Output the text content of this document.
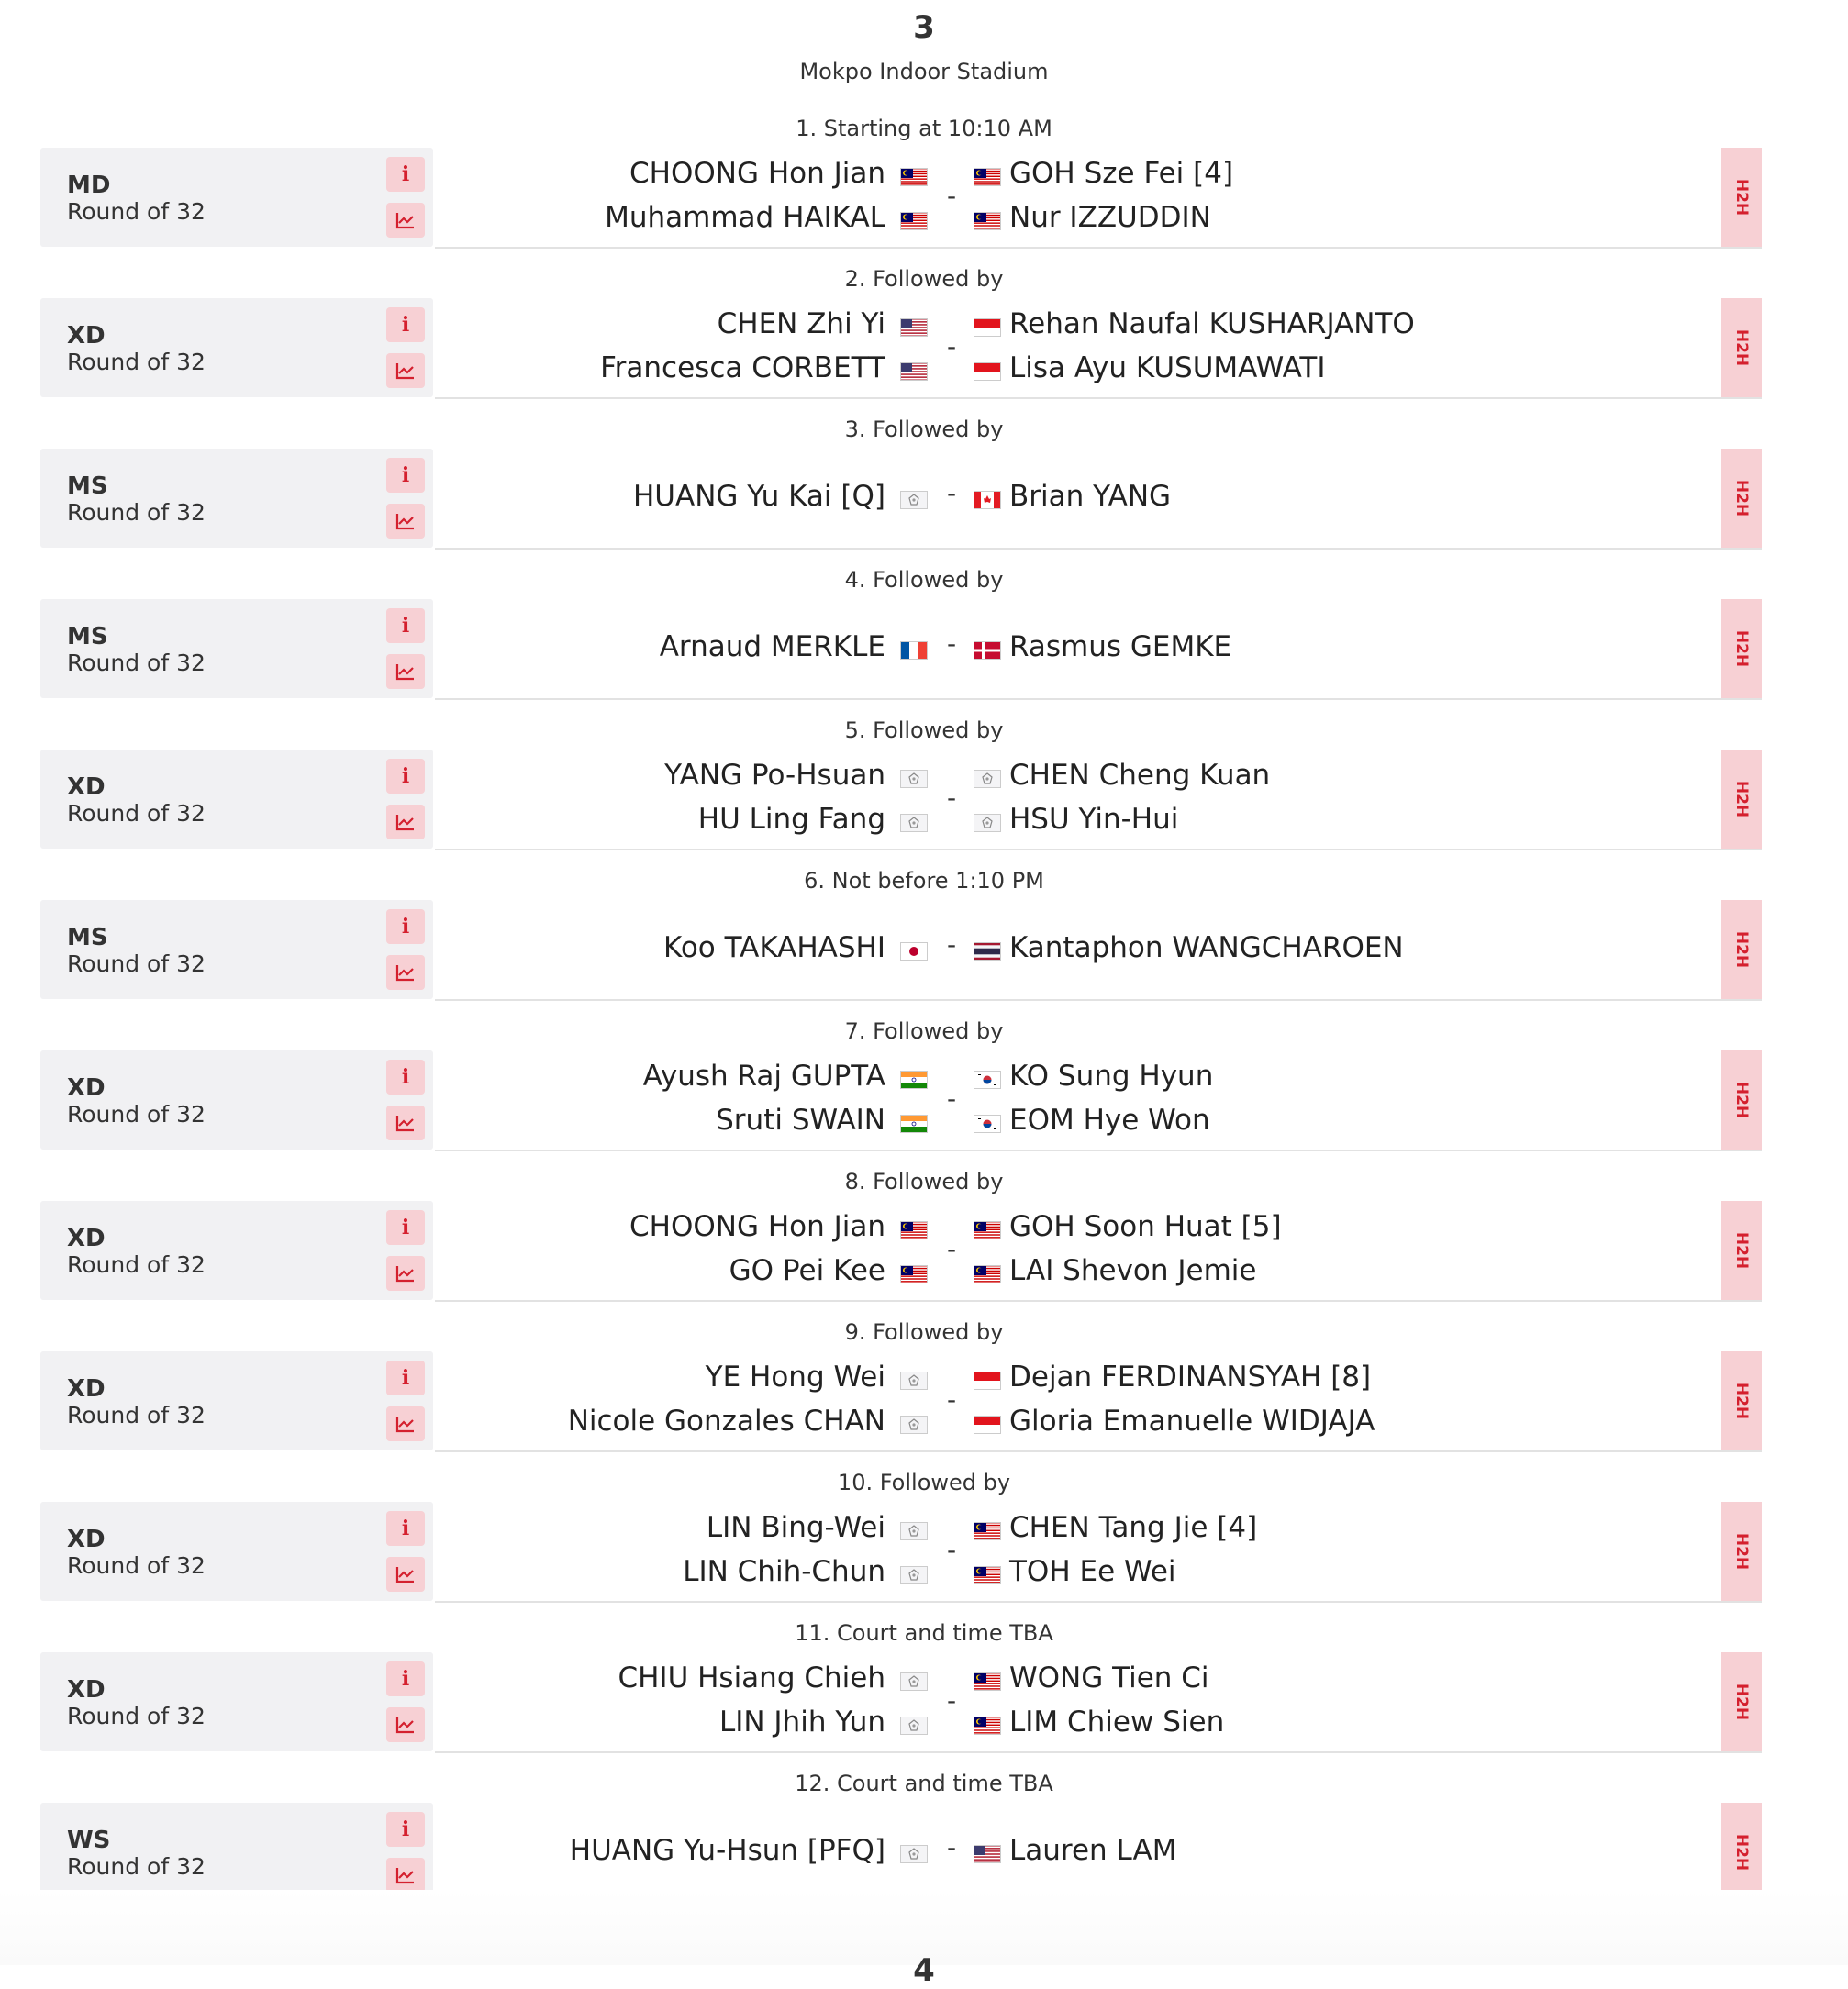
3
Mokpo Indoor Stadium
1. Starting at 10:10 AM
MD
Round of 32
i	CHOONG Hon Jian
Muhammad HAIKAL
GOH Sze Fei [4]
Nur IZZUDDIN
-	H2H
2. Followed by
XD
Round of 32
i	CHEN Zhi Yi
Francesca CORBETT
Rehan Naufal KUSHARJANTO
Lisa Ayu KUSUMAWATI
-	H2H
3. Followed by
MS
Round of 32
i
HUANG Yu Kai [Q]	Brian YANG
-	H2H
4. Followed by
MS
Round of 32
i
Arnaud MERKLE	Rasmus GEMKE
-	H2H
5. Followed by
XD
Round of 32
i	YANG Po-Hsuan
HU Ling Fang
CHEN Cheng Kuan
HSU Yin-Hui
-	H2H
6. Not before 1:10 PM
MS
Round of 32
i
Koo TAKAHASHI	Kantaphon WANGCHAROEN
-	H2H
7. Followed by
XD
Round of 32
i	Ayush Raj GUPTA
Sruti SWAIN
KO Sung Hyun
EOM Hye Won
-	H2H
8. Followed by
XD
Round of 32
i	CHOONG Hon Jian
GO Pei Kee
GOH Soon Huat [5]
LAI Shevon Jemie
-	H2H
9. Followed by
XD
Round of 32
i	YE Hong Wei
Nicole Gonzales CHAN
Dejan FERDINANSYAH [8]
Gloria Emanuelle WIDJAJA
-	H2H
10. Followed by
XD
Round of 32
i	LIN Bing-Wei
LIN Chih-Chun
CHEN Tang Jie [4]
TOH Ee Wei
-	H2H
11. Court and time TBA
XD
Round of 32
i	CHIU Hsiang Chieh
LIN Jhih Yun
WONG Tien Ci
LIM Chiew Sien
-	H2H
12. Court and time TBA
WS
Round of 32
i
HUANG Yu-Hsun [PFQ]	Lauren LAM
-	H2H
4
